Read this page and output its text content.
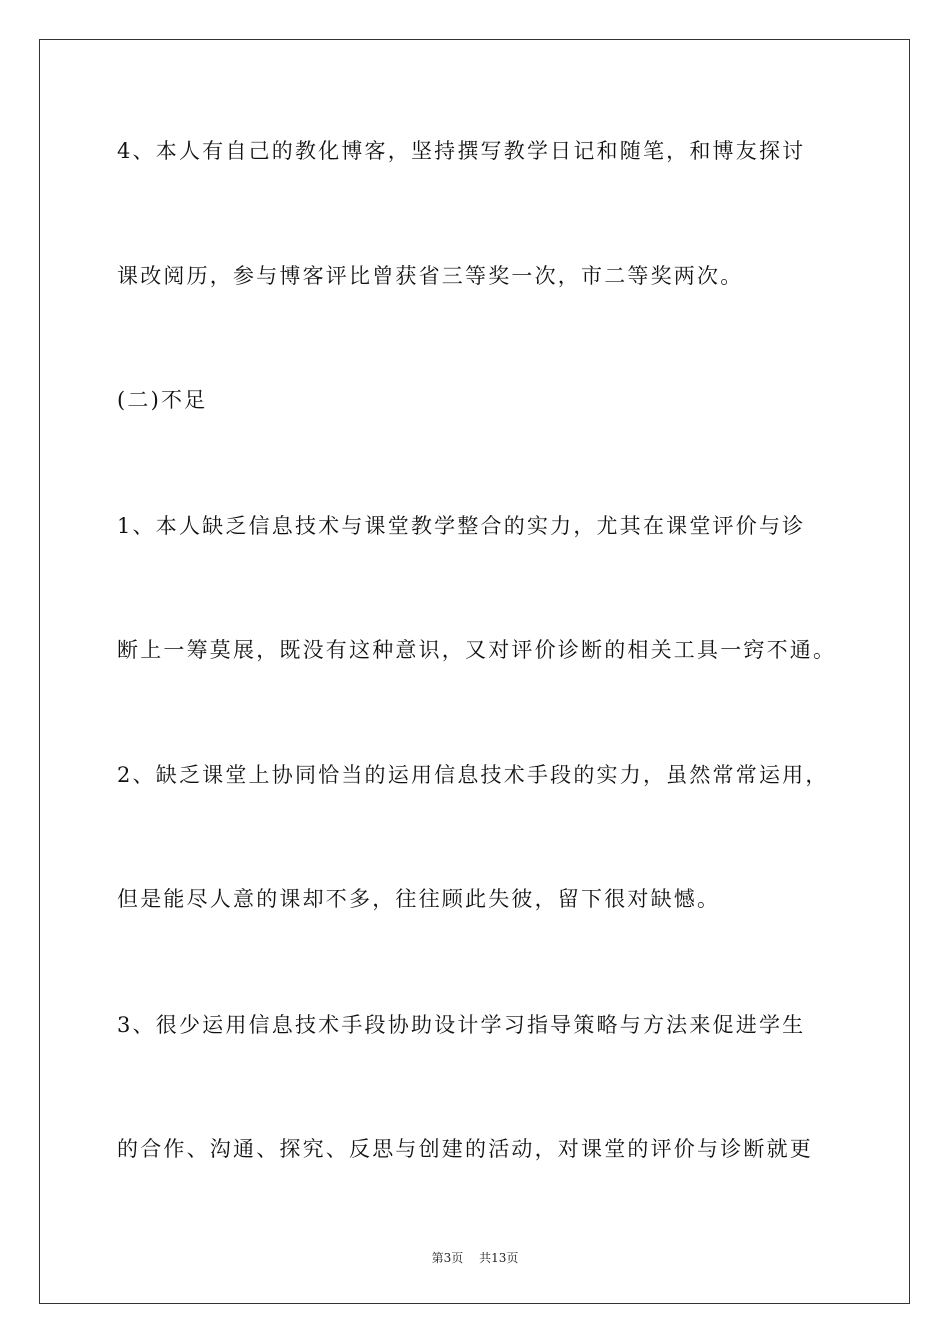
4、本人有自己的教化博客，坚持撰写教学日记和随笔，和博友探讨
课改阅历，参与博客评比曾获省三等奖一次，市二等奖两次。
(二)不足
1、本人缺乏信息技术与课堂教学整合的实力，尤其在课堂评价与诊
断上一筹莫展，既没有这种意识，又对评价诊断的相关工具一窍不通。
2、缺乏课堂上协同恰当的运用信息技术手段的实力，虽然常常运用，
但是能尽人意的课却不多，往往顾此失彼，留下很对缺憾。
3、很少运用信息技术手段协助设计学习指导策略与方法来促进学生
的合作、沟通、探究、反思与创建的活动，对课堂的评价与诊断就更
第3页 共13页
